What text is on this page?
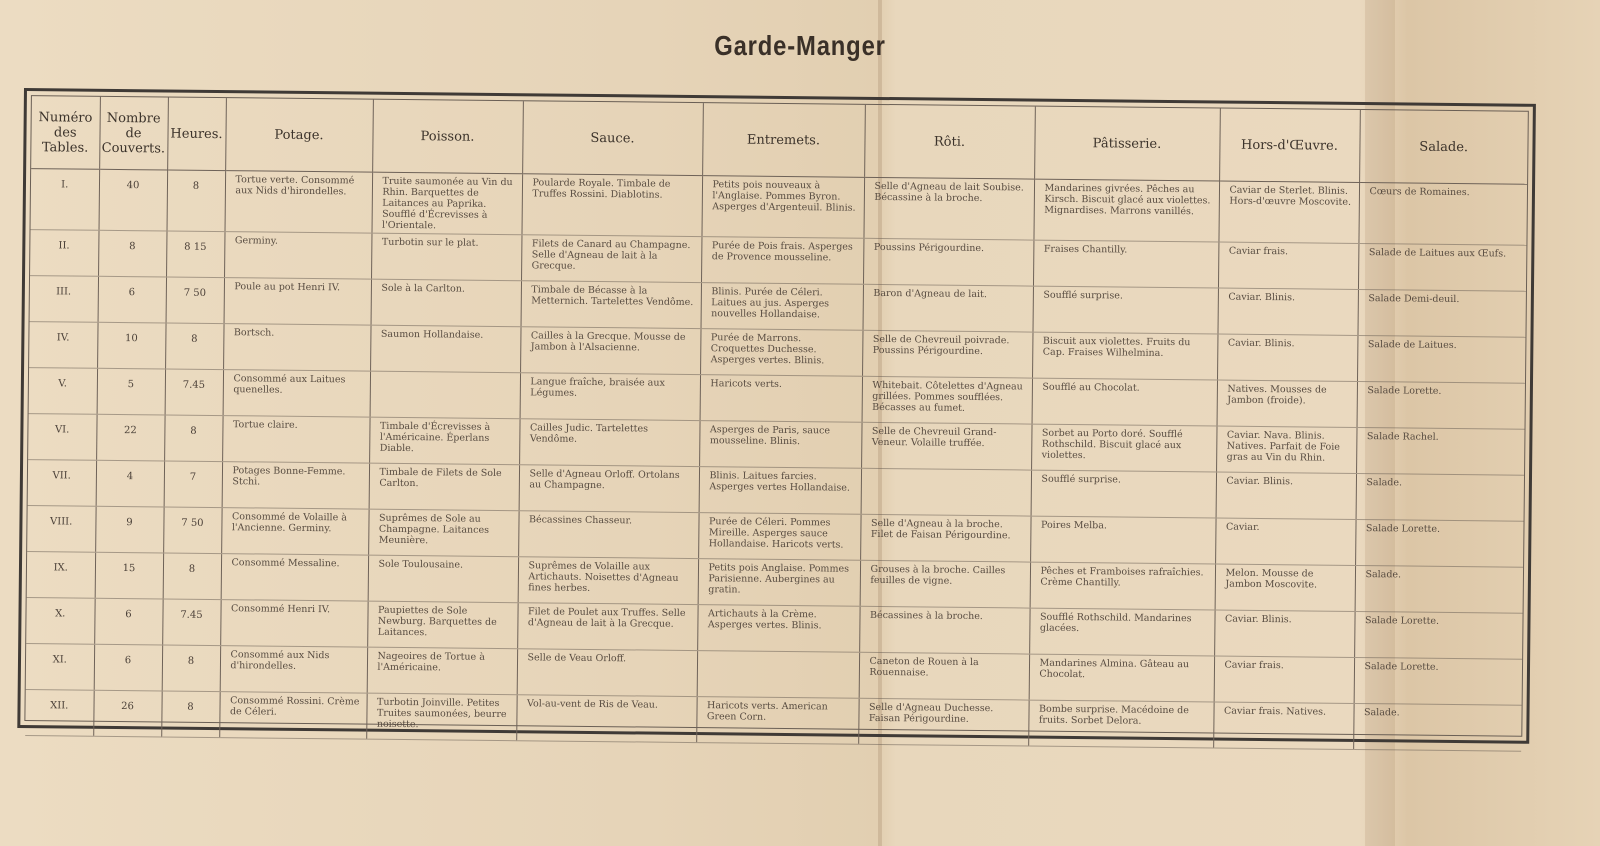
Garde-Manger
Numéro des Tables.	Nombre de Couverts.	Heures.	Potage.	Poisson.	Sauce.	Entremets.	Rôti.	Pâtisserie.	Hors-d'Œuvre.	Salade.
I.	40	8	Tortue verte. Consommé aux Nids d'hirondelles.	Truite saumonée au Vin du Rhin. Barquettes de Laitances au Paprika. Soufflé d'Écrevisses à l'Orientale.	Poularde Royale. Timbale de Truffes Rossini. Diablotins.	Petits pois nouveaux à l'Anglaise. Pommes Byron. Asperges d'Argenteuil. Blinis.	Selle d'Agneau de lait Soubise. Bécassine à la broche.	Mandarines givrées. Pêches au Kirsch. Biscuit glacé aux violettes. Mignardises. Marrons vanillés.	Caviar de Sterlet. Blinis. Hors-d'œuvre Moscovite.	Cœurs de Romaines.
II.	8	8 15	Germiny.	Turbotin sur le plat.	Filets de Canard au Champagne. Selle d'Agneau de lait à la Grecque.	Purée de Pois frais. Asperges de Provence mousseline.	Poussins Périgourdine.	Fraises Chantilly.	Caviar frais.	Salade de Laitues aux Œufs.
III.	6	7 50	Poule au pot Henri IV.	Sole à la Carlton.	Timbale de Bécasse à la Metternich. Tartelettes Vendôme.	Blinis. Purée de Céleri. Laitues au jus. Asperges nouvelles Hollandaise.	Baron d'Agneau de lait.	Soufflé surprise.	Caviar. Blinis.	Salade Demi-deuil.
IV.	10	8	Bortsch.	Saumon Hollandaise.	Cailles à la Grecque. Mousse de Jambon à l'Alsacienne.	Purée de Marrons. Croquettes Duchesse. Asperges vertes. Blinis.	Selle de Chevreuil poivrade. Poussins Périgourdine.	Biscuit aux violettes. Fruits du Cap. Fraises Wilhelmina.	Caviar. Blinis.	Salade de Laitues.
V.	5	7.45	Consommé aux Laitues quenelles.		Langue fraîche, braisée aux Légumes.	Haricots verts.	Whitebait. Côtelettes d'Agneau grillées. Pommes soufflées. Bécasses au fumet.	Soufflé au Chocolat.	Natives. Mousses de Jambon (froide).	Salade Lorette.
VI.	22	8	Tortue claire.	Timbale d'Écrevisses à l'Américaine. Éperlans Diable.	Cailles Judic. Tartelettes Vendôme.	Asperges de Paris, sauce mousseline. Blinis.	Selle de Chevreuil Grand-Veneur. Volaille truffée.	Sorbet au Porto doré. Soufflé Rothschild. Biscuit glacé aux violettes.	Caviar. Nava. Blinis. Natives. Parfait de Foie gras au Vin du Rhin.	Salade Rachel.
VII.	4	7	Potages Bonne-Femme. Stchi.	Timbale de Filets de Sole Carlton.	Selle d'Agneau Orloff. Ortolans au Champagne.	Blinis. Laitues farcies. Asperges vertes Hollandaise.		Soufflé surprise.	Caviar. Blinis.	Salade.
VIII.	9	7 50	Consommé de Volaille à l'Ancienne. Germiny.	Suprêmes de Sole au Champagne. Laitances Meunière.	Bécassines Chasseur.	Purée de Céleri. Pommes Mireille. Asperges sauce Hollandaise. Haricots verts.	Selle d'Agneau à la broche. Filet de Faisan Périgourdine.	Poires Melba.	Caviar.	Salade Lorette.
IX.	15	8	Consommé Messaline.	Sole Toulousaine.	Suprêmes de Volaille aux Artichauts. Noisettes d'Agneau fines herbes.	Petits pois Anglaise. Pommes Parisienne. Aubergines au gratin.	Grouses à la broche. Cailles feuilles de vigne.	Pêches et Framboises rafraîchies. Crème Chantilly.	Melon. Mousse de Jambon Moscovite.	Salade.
X.	6	7.45	Consommé Henri IV.	Paupiettes de Sole Newburg. Barquettes de Laitances.	Filet de Poulet aux Truffes. Selle d'Agneau de lait à la Grecque.	Artichauts à la Crème. Asperges vertes. Blinis.	Bécassines à la broche.	Soufflé Rothschild. Mandarines glacées.	Caviar. Blinis.	Salade Lorette.
XI.	6	8	Consommé aux Nids d'hirondelles.	Nageoires de Tortue à l'Américaine.	Selle de Veau Orloff.		Caneton de Rouen à la Rouennaise.	Mandarines Almina. Gâteau au Chocolat.	Caviar frais.	Salade Lorette.
XII.	26	8	Consommé Rossini. Crème de Céleri.	Turbotin Joinville. Petites Truites saumonées, beurre noisette.	Vol-au-vent de Ris de Veau.	Haricots verts. American Green Corn.	Selle d'Agneau Duchesse. Faisan Périgourdine.	Bombe surprise. Macédoine de fruits. Sorbet Delora.	Caviar frais. Natives.	Salade.
